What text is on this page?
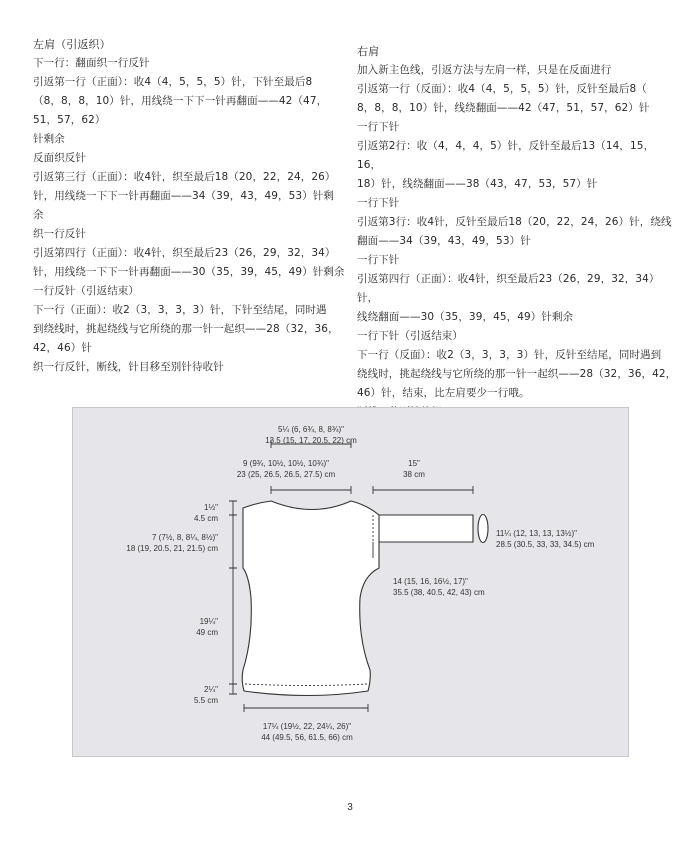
左肩（引返织）

下一行：翻面织一行反针

引返第一行（正面）：收4（4，5，5，5）针，下针至最后8

（8，8，8，10）针，用线绕一下下一针再翻面——42（47，

51，57，62）

针剩余

反面织反针

引返第三行（正面）：收4针，织至最后18（20，22，24，26）

针，用线绕一下下一针再翻面——34（39，43，49，53）针剩

余

织一行反针

引返第四行（正面）：收4针，织至最后23（26，29，32，34）

针，用线绕一下下一针再翻面——30（35，39，45，49）针剩余

一行反针（引返结束）

下一行（正面）：收2（3，3，3，3）针，下针至结尾，同时遇

到绕线时，挑起绕线与它所绕的那一针一起织——28（32，36，

42，46）针

织一行反针，断线，针目移至别针待收针

右肩

加入新主色线，引返方法与左肩一样，只是在反面进行

引返第一行（反面）：收4（4，5，5，5）针，反针至最后8（

8，8，8，10）针，线绕翻面——42（47，51，57，62）针

一行下针

引返第2行：收（4，4，4，5）针，反针至最后13（14，15，16，

18）针，线绕翻面——38（43，47，53，57）针

一行下针

引返第3行：收4针，反针至最后18（20，22，24，26）针，绕线

翻面——34（39，43，49，53）针

一行下针

引返第四行（正面）：收4针，织至最后23（26，29，32，34）针，

线绕翻面——30（35，39，45，49）针剩余

一行下针（引返结束）

下一行（反面）：收2（3，3，3，3）针，反针至结尾，同时遇到

绕线时，挑起绕线与它所绕的那一针一起织——28（32，36，42，

46）针，结束，比左肩要少一行哦。

5¼ (6, 6¾, 8, 8¾)"
13.5 (15, 17, 20.5, 22) cm
9 (9¾, 10½, 10½, 10¾)"
23 (25, 26.5, 26.5, 27.5) cm
15"
38 cm
1½"
4.5 cm
7 (7½, 8, 8¼, 8½)"
18 (19, 20.5, 21, 21.5) cm
19¼"
49 cm
2¼"
5.5 cm
11¼ (12, 13, 13, 13½)"
28.5 (30.5, 33, 33, 34.5) cm
14 (15, 16, 16½, 17)"
35.5 (38, 40.5, 42, 43) cm
17¼ (19½, 22, 24¼, 26)"
44 (49.5, 56, 61.5, 66) cm
3
